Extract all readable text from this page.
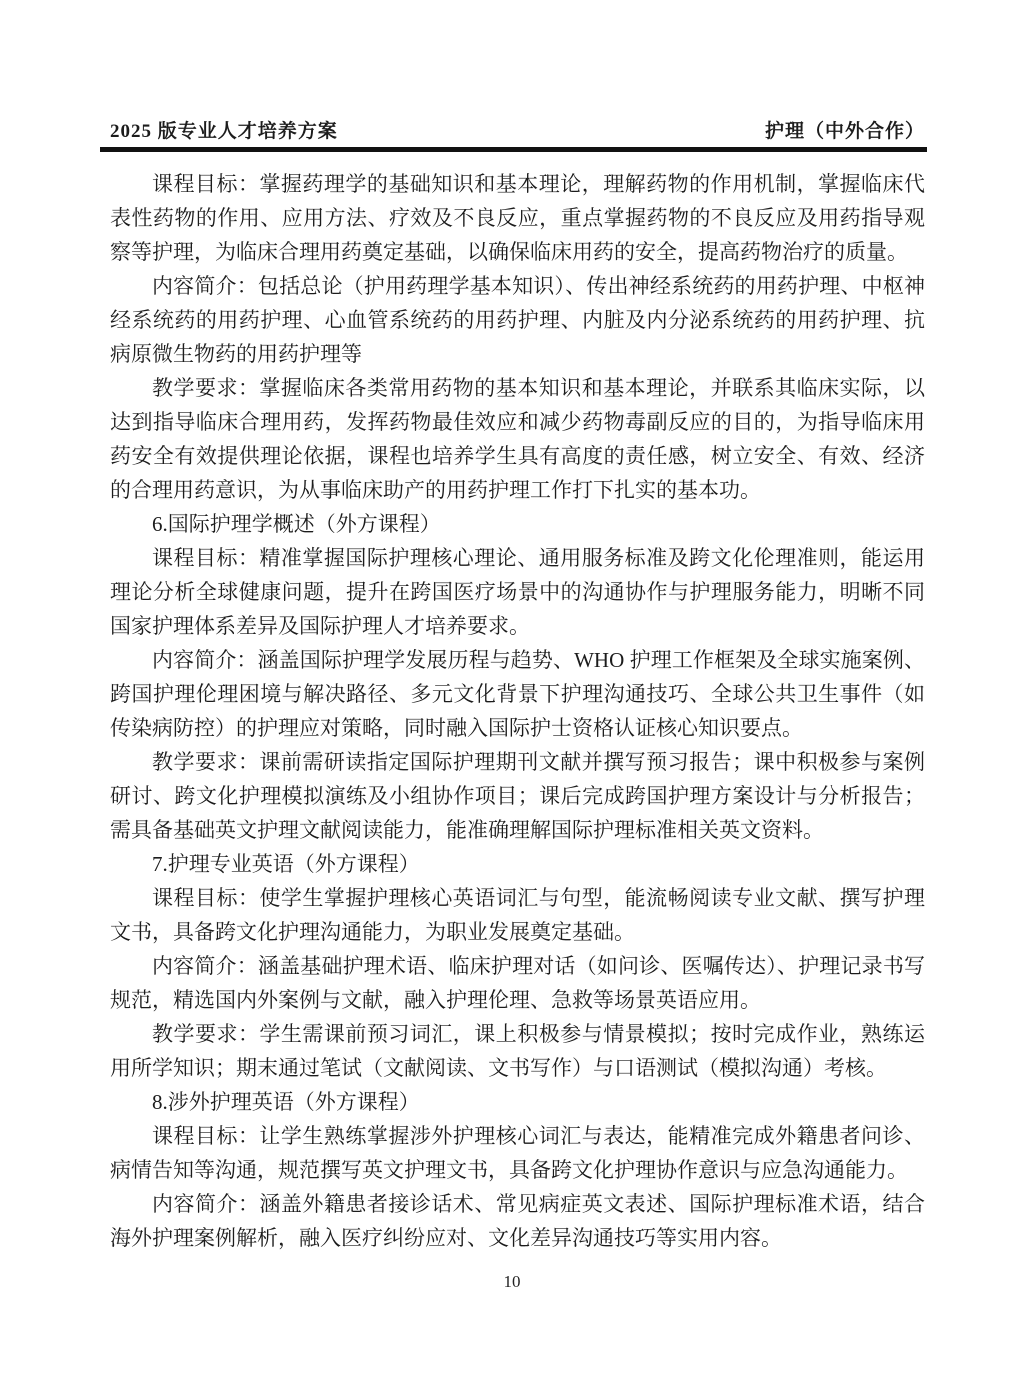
2025 版专业人才培养方案	护理（中外合作）

课程目标：掌握药理学的基础知识和基本理论，理解药物的作用机制，掌握临床代表性药物的作用、应用方法、疗效及不良反应，重点掌握药物的不良反应及用药指导观察等护理，为临床合理用药奠定基础，以确保临床用药的安全，提高药物治疗的质量。

内容简介：包括总论（护用药理学基本知识）、传出神经系统药的用药护理、中枢神经系统药的用药护理、心血管系统药的用药护理、内脏及内分泌系统药的用药护理、抗病原微生物药的用药护理等

教学要求：掌握临床各类常用药物的基本知识和基本理论，并联系其临床实际，以达到指导临床合理用药，发挥药物最佳效应和减少药物毒副反应的目的，为指导临床用药安全有效提供理论依据，课程也培养学生具有高度的责任感，树立安全、有效、经济的合理用药意识，为从事临床助产的用药护理工作打下扎实的基本功。

6.国际护理学概述（外方课程）

课程目标：精准掌握国际护理核心理论、通用服务标准及跨文化伦理准则，能运用理论分析全球健康问题，提升在跨国医疗场景中的沟通协作与护理服务能力，明晰不同国家护理体系差异及国际护理人才培养要求。

内容简介：涵盖国际护理学发展历程与趋势、WHO 护理工作框架及全球实施案例、跨国护理伦理困境与解决路径、多元文化背景下护理沟通技巧、全球公共卫生事件（如传染病防控）的护理应对策略，同时融入国际护士资格认证核心知识要点。

教学要求：课前需研读指定国际护理期刊文献并撰写预习报告；课中积极参与案例研讨、跨文化护理模拟演练及小组协作项目；课后完成跨国护理方案设计与分析报告；需具备基础英文护理文献阅读能力，能准确理解国际护理标准相关英文资料。

7.护理专业英语（外方课程）

课程目标：使学生掌握护理核心英语词汇与句型，能流畅阅读专业文献、撰写护理文书，具备跨文化护理沟通能力，为职业发展奠定基础。

内容简介：涵盖基础护理术语、临床护理对话（如问诊、医嘱传达）、护理记录书写规范，精选国内外案例与文献，融入护理伦理、急救等场景英语应用。

教学要求：学生需课前预习词汇，课上积极参与情景模拟；按时完成作业，熟练运用所学知识；期末通过笔试（文献阅读、文书写作）与口语测试（模拟沟通）考核。

8.涉外护理英语（外方课程）

课程目标：让学生熟练掌握涉外护理核心词汇与表达，能精准完成外籍患者问诊、病情告知等沟通，规范撰写英文护理文书，具备跨文化护理协作意识与应急沟通能力。

内容简介：涵盖外籍患者接诊话术、常见病症英文表述、国际护理标准术语，结合海外护理案例解析，融入医疗纠纷应对、文化差异沟通技巧等实用内容。

10
